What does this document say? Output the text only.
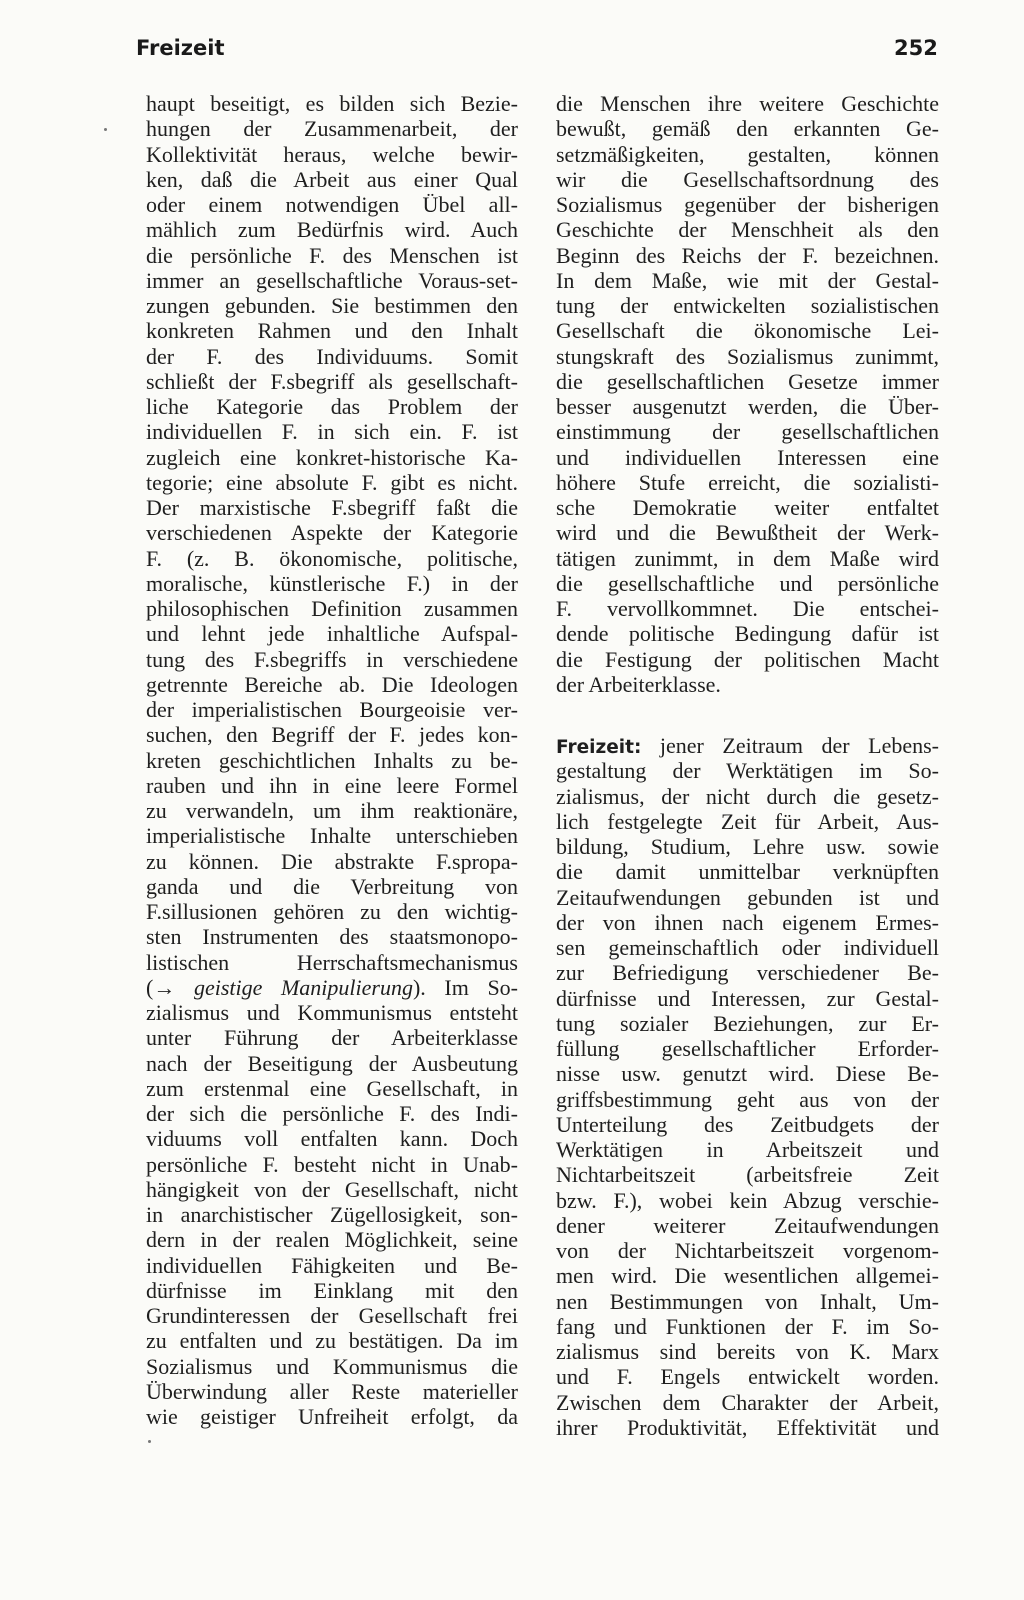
Freizeit	252
haupt beseitigt, es bilden sich Bezie-
hungen der Zusammenarbeit, der
Kollektivität heraus, welche bewir-
ken, daß die Arbeit aus einer Qual
oder einem notwendigen Übel all-
mählich zum Bedürfnis wird. Auch
die persönliche F. des Menschen ist
immer an gesellschaftliche Voraus-set-
zungen gebunden. Sie bestimmen den
konkreten Rahmen und den Inhalt
der F. des Individuums. Somit
schließt der F.sbegriff als gesellschaft-
liche Kategorie das Problem der
individuellen F. in sich ein. F. ist
zugleich eine konkret-historische Ka-
tegorie; eine absolute F. gibt es nicht.
Der marxistische F.sbegriff faßt die
verschiedenen Aspekte der Kategorie
F. (z. B. ökonomische, politische,
moralische, künstlerische F.) in der
philosophischen Definition zusammen
und lehnt jede inhaltliche Aufspal-
tung des F.sbegriffs in verschiedene
getrennte Bereiche ab. Die Ideologen
der imperialistischen Bourgeoisie ver-
suchen, den Begriff der F. jedes kon-
kreten geschichtlichen Inhalts zu be-
rauben und ihn in eine leere Formel
zu verwandeln, um ihm reaktionäre,
imperialistische Inhalte unterschieben
zu können. Die abstrakte F.spropa-
ganda und die Verbreitung von
F.sillusionen gehören zu den wichtig-
sten Instrumenten des staatsmonopo-
listischen Herrschaftsmechanismus
(→ geistige Manipulierung). Im So-
zialismus und Kommunismus entsteht
unter Führung der Arbeiterklasse
nach der Beseitigung der Ausbeutung
zum erstenmal eine Gesellschaft, in
der sich die persönliche F. des Indi-
viduums voll entfalten kann. Doch
persönliche F. besteht nicht in Unab-
hängigkeit von der Gesellschaft, nicht
in anarchistischer Zügellosigkeit, son-
dern in der realen Möglichkeit, seine
individuellen Fähigkeiten und Be-
dürfnisse im Einklang mit den
Grundinteressen der Gesellschaft frei
zu entfalten und zu bestätigen. Da im
Sozialismus und Kommunismus die
Überwindung aller Reste materieller
wie geistiger Unfreiheit erfolgt, da
die Menschen ihre weitere Geschichte
bewußt, gemäß den erkannten Ge-
setzmäßigkeiten, gestalten, können
wir die Gesellschaftsordnung des
Sozialismus gegenüber der bisherigen
Geschichte der Menschheit als den
Beginn des Reichs der F. bezeichnen.
In dem Maße, wie mit der Gestal-
tung der entwickelten sozialistischen
Gesellschaft die ökonomische Lei-
stungskraft des Sozialismus zunimmt,
die gesellschaftlichen Gesetze immer
besser ausgenutzt werden, die Über-
einstimmung der gesellschaftlichen
und individuellen Interessen eine
höhere Stufe erreicht, die sozialisti-
sche Demokratie weiter entfaltet
wird und die Bewußtheit der Werk-
tätigen zunimmt, in dem Maße wird
die gesellschaftliche und persönliche
F. vervollkommnet. Die entschei-
dende politische Bedingung dafür ist
die Festigung der politischen Macht
der Arbeiterklasse.
Freizeit: jener Zeitraum der Lebens-
gestaltung der Werktätigen im So-
zialismus, der nicht durch die gesetz-
lich festgelegte Zeit für Arbeit, Aus-
bildung, Studium, Lehre usw. sowie
die damit unmittelbar verknüpften
Zeitaufwendungen gebunden ist und
der von ihnen nach eigenem Ermes-
sen gemeinschaftlich oder individuell
zur Befriedigung verschiedener Be-
dürfnisse und Interessen, zur Gestal-
tung sozialer Beziehungen, zur Er-
füllung gesellschaftlicher Erforder-
nisse usw. genutzt wird. Diese Be-
griffsbestimmung geht aus von der
Unterteilung des Zeitbudgets der
Werktätigen in Arbeitszeit und
Nichtarbeitszeit (arbeitsfreie Zeit
bzw. F.), wobei kein Abzug verschie-
dener weiterer Zeitaufwendungen
von der Nichtarbeitszeit vorgenom-
men wird. Die wesentlichen allgemei-
nen Bestimmungen von Inhalt, Um-
fang und Funktionen der F. im So-
zialismus sind bereits von K. Marx
und F. Engels entwickelt worden.
Zwischen dem Charakter der Arbeit,
ihrer Produktivität, Effektivität und
